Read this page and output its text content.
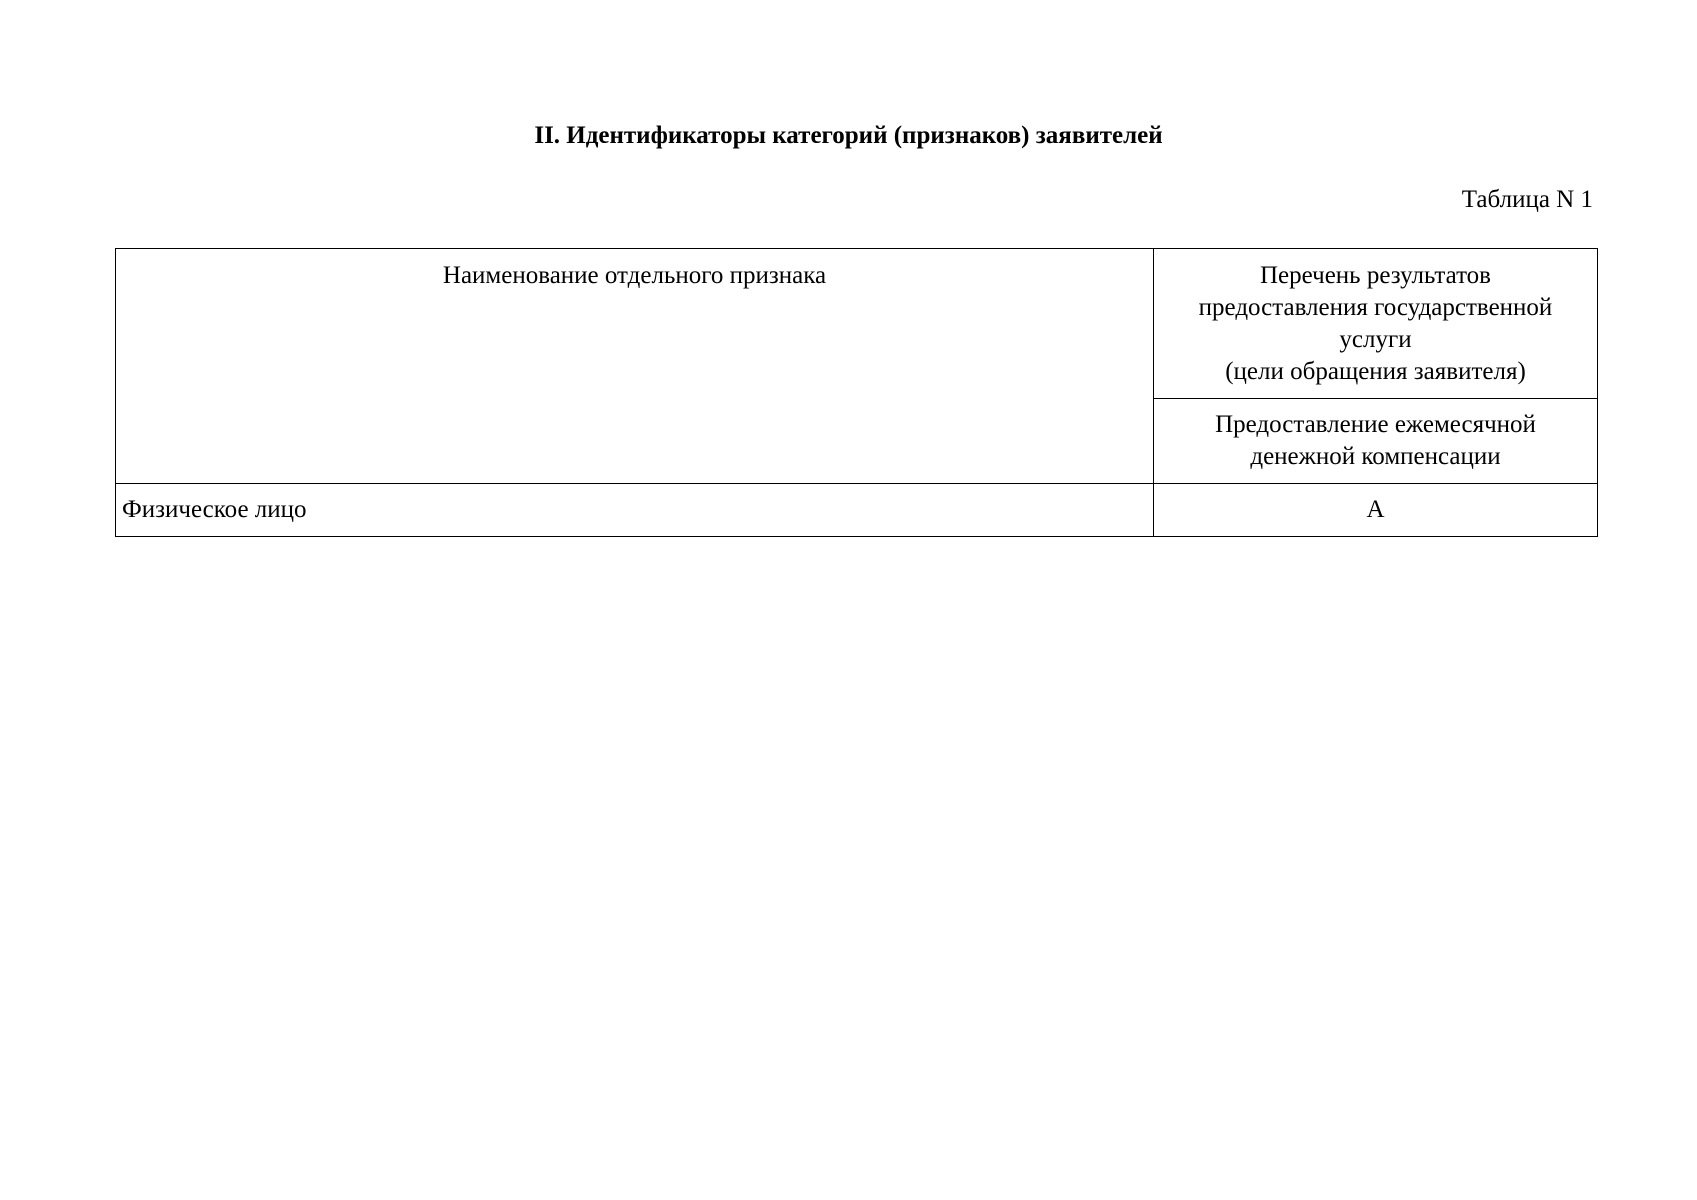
II. Идентификаторы категорий (признаков) заявителей
Таблица N 1
Наименование отдельного признака	Перечень результатов
предоставления государственной
услуги
(цели обращения заявителя)

	Предоставление ежемесячной
денежной компенсации

Физическое лицо	А
